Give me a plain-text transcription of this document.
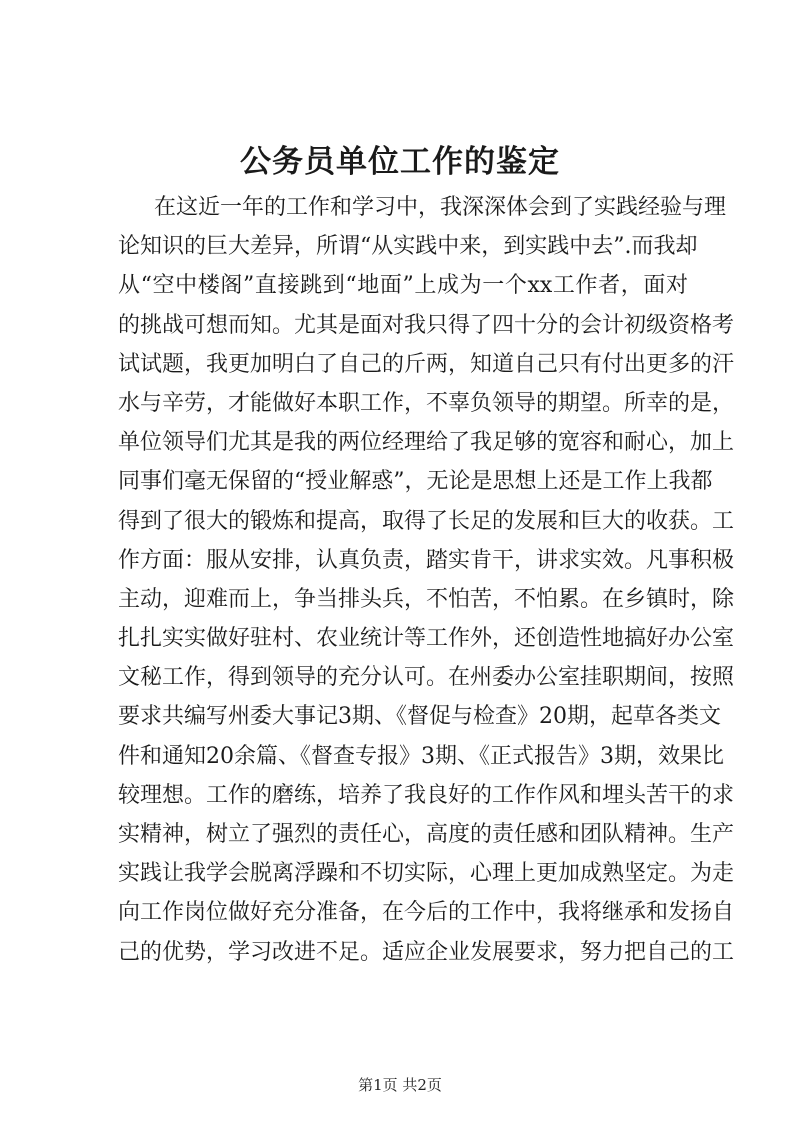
公务员单位工作的鉴定
在这近一年的工作和学习中，我深深体会到了实践经验与理
论知识的巨大差异，所谓“从实践中来，到实践中去”.而我却
从“空中楼阁”直接跳到“地面”上成为一个xx工作者，面对
的挑战可想而知。尤其是面对我只得了四十分的会计初级资格考
试试题，我更加明白了自己的斤两，知道自己只有付出更多的汗
水与辛劳，才能做好本职工作，不辜负领导的期望。所幸的是，
单位领导们尤其是我的两位经理给了我足够的宽容和耐心，加上
同事们毫无保留的“授业解惑”，无论是思想上还是工作上我都
得到了很大的锻炼和提高，取得了长足的发展和巨大的收获。工
作方面：服从安排，认真负责，踏实肯干，讲求实效。凡事积极
主动，迎难而上，争当排头兵，不怕苦，不怕累。在乡镇时，除
扎扎实实做好驻村、农业统计等工作外，还创造性地搞好办公室
文秘工作，得到领导的充分认可。在州委办公室挂职期间，按照
要求共编写州委大事记3期、《督促与检查》20期，起草各类文
件和通知20余篇、《督查专报》3期、《正式报告》3期，效果比
较理想。工作的磨练，培养了我良好的工作作风和埋头苦干的求
实精神，树立了强烈的责任心，高度的责任感和团队精神。生产
实践让我学会脱离浮躁和不切实际，心理上更加成熟坚定。为走
向工作岗位做好充分准备，在今后的工作中，我将继承和发扬自
己的优势，学习改进不足。适应企业发展要求，努力把自己的工
第1页 共2页
